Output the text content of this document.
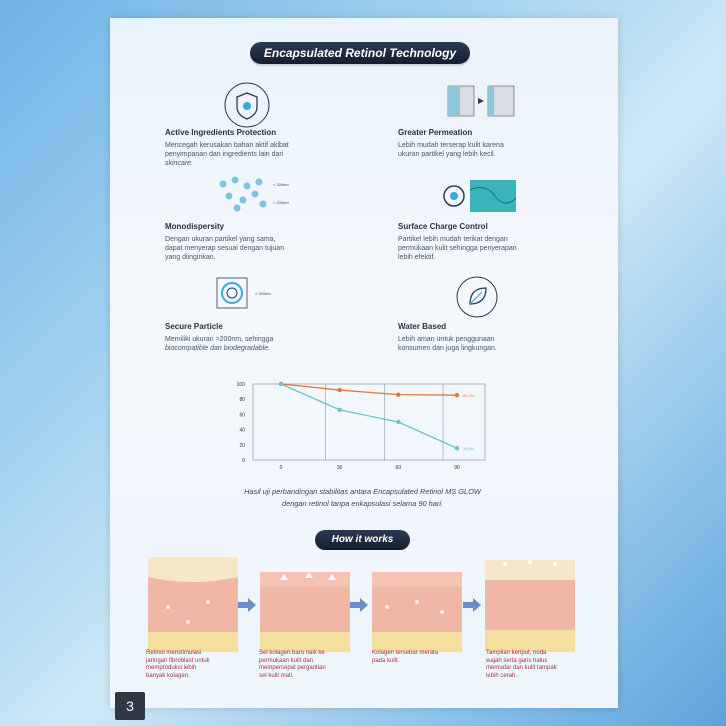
Encapsulated Retinol Technology
Active Ingredients Protection
Mencegah kerusakan bahan aktif akibat
penyimpanan dan ingredients lain dari
skincare.
Greater Permeation
Lebih mudah terserap kulit karena
ukuran partikel yang lebih kecil.
< 200nm
> 200nm
Monodispersity
Dengan ukuran partikel yang sama,
dapat menyerap sesuai dengan tujuan
yang diinginkan.
Surface Charge Control
Partikel lebih mudah terikat dengan
permukaan kulit sehingga penyerapan
lebih efektif.
> 200nm
Secure Particle
Memiliki ukuran >200nm, sehingga
biocompatible dan biodegradable.
Water Based
Lebih aman untuk penggunaan
konsumen dan juga lingkungan.
0
20
40
60
80
100
0	30	60	90
85,3%
15,5%
Hasil uji perbandingan stabilitas antara Encapsulated Retinol MS GLOW
dengan retinol tanpa enkapsulasi selama 90 hari.
How it works
Retinol menstimulasi
jaringan fibroblast untuk
memproduksi lebih
banyak kolagen.
Sel kolagen baru naik ke
permukaan kulit dan
mempercepat pergantian
sel kulit mati.
Kolagen tersebar merata
pada kulit.
Tampilan keriput, noda
wajah serta garis halus
memudar dan kulit tampak
lebih cerah.
3
